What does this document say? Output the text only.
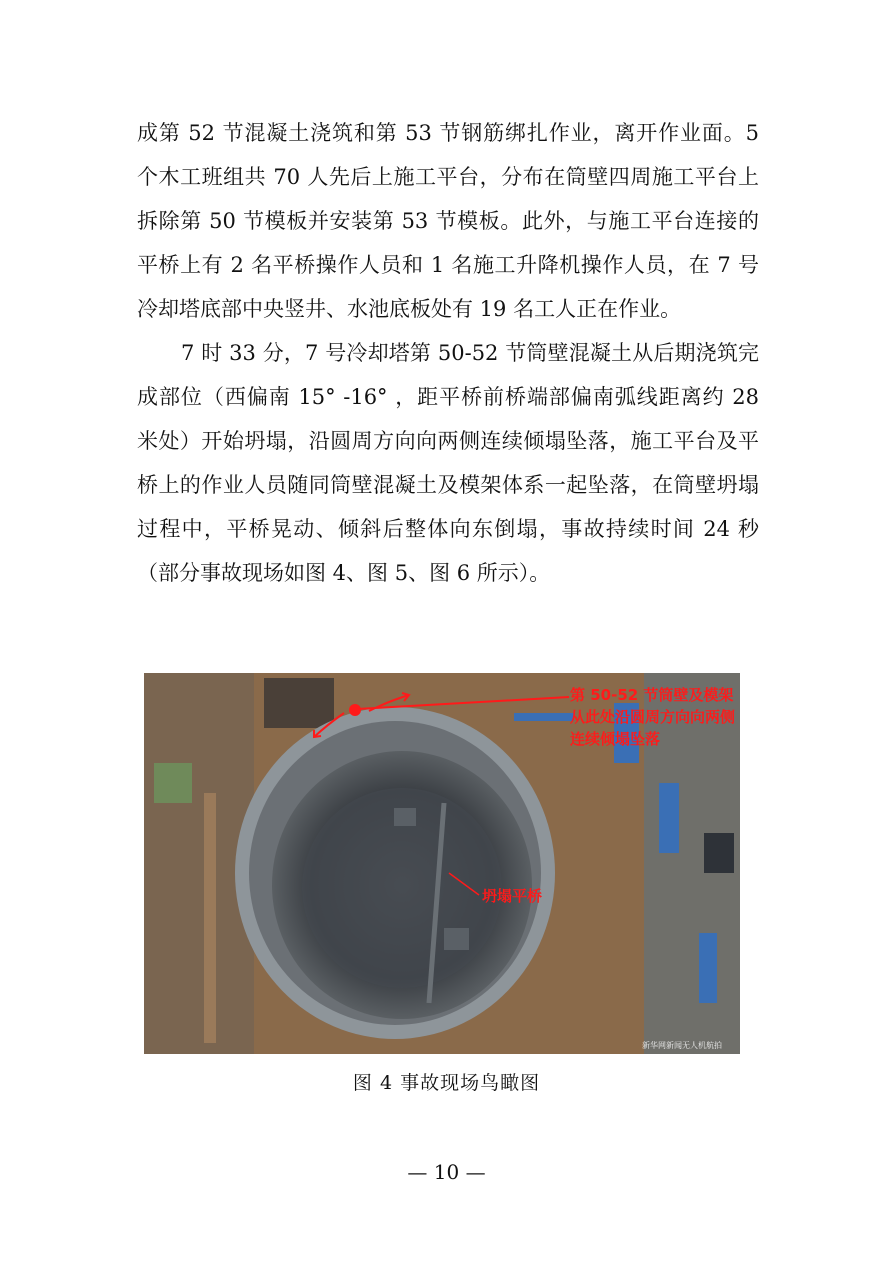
成第 52 节混凝土浇筑和第 53 节钢筋绑扎作业，离开作业面。5 个木工班组共 70 人先后上施工平台，分布在筒壁四周施工平台上拆除第 50 节模板并安装第 53 节模板。此外，与施工平台连接的平桥上有 2 名平桥操作人员和 1 名施工升降机操作人员，在 7 号冷却塔底部中央竖井、水池底板处有 19 名工人正在作业。

7 时 33 分，7 号冷却塔第 50-52 节筒壁混凝土从后期浇筑完成部位（西偏南 15° -16° ，距平桥前桥端部偏南弧线距离约 28 米处）开始坍塌，沿圆周方向向两侧连续倾塌坠落，施工平台及平桥上的作业人员随同筒壁混凝土及模架体系一起坠落，在筒壁坍塌过程中，平桥晃动、倾斜后整体向东倒塌，事故持续时间 24 秒（部分事故现场如图 4、图 5、图 6 所示）。

第 50-52 节筒壁及模架从此处沿圆周方向向两侧连续倾塌坠落
坍塌平桥
新华网新闻无人机航拍
图 4 事故现场鸟瞰图
— 10 —
